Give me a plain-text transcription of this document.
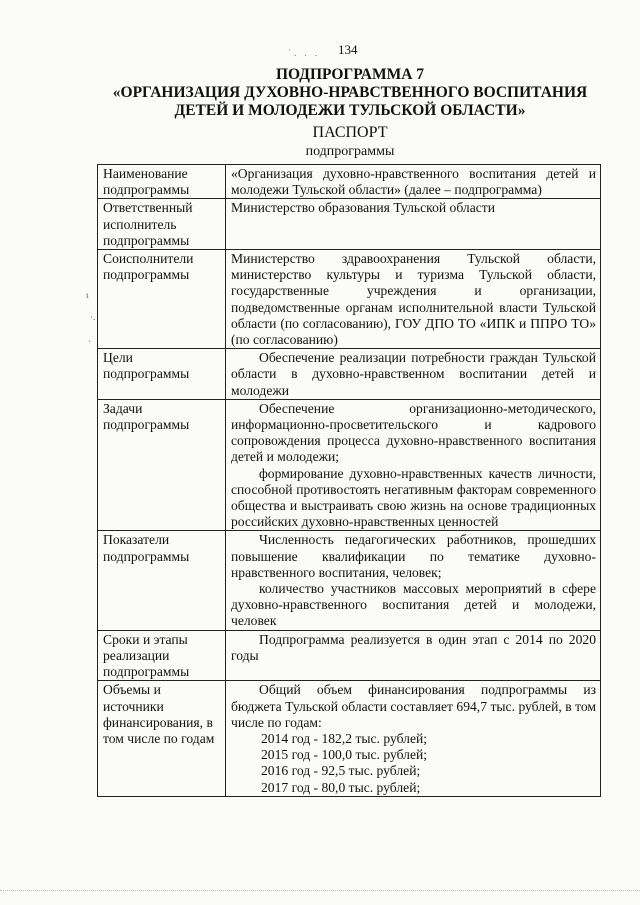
˙. . . 134
ПОДПРОГРАММА 7
«ОРГАНИЗАЦИЯ ДУХОВНО-НРАВСТВЕННОГО ВОСПИТАНИЯ
ДЕТЕЙ И МОЛОДЕЖИ ТУЛЬСКОЙ ОБЛАСТИ»
ПАСПОРТ
подпрограммы
ι
·.
ˎ
Наименование подпрограммы	«Организация духовно-нравственного воспитания детей и молодежи Тульской области» (далее – подпрограмма)

Ответственный исполнитель подпрограммы	Министерство образования Тульской области

Соисполнители подпрограммы	Министерство здравоохранения Тульской области, министерство культуры и туризма Тульской области, государственные учреждения и организации, подведомственные органам исполнительной власти Тульской области (по согласованию), ГОУ ДПО ТО «ИПК и ППРО ТО» (по согласованию)

Цели подпрограммы	Обеспечение реализации потребности граждан Тульской области в духовно-нравственном воспитании детей и молодежи

Задачи подпрограммы	Обеспечение организационно-методического, информационно-просветительского и кадрового сопровождения процесса духовно-нравственного воспитания детей и молодежи;
формирование духовно-нравственных качеств личности, способной противостоять негативным факторам современного общества и выстраивать свою жизнь на основе традиционных российских духовно-нравственных ценностей

Показатели подпрограммы	Численность педагогических работников, прошедших повышение квалификации по тематике духовно-нравственного воспитания, человек;
количество участников массовых мероприятий в сфере духовно-нравственного воспитания детей и молодежи, человек

Сроки и этапы реализации подпрограммы	Подпрограмма реализуется в один этап с 2014 по 2020 годы

Объемы и источники финансирования, в том числе по годам	Общий объем финансирования подпрограммы из бюджета Тульской области составляет 694,7 тыс. рублей, в том числе по годам:
2014 год - 182,2 тыс. рублей;
2015 год - 100,0 тыс. рублей;
2016 год - 92,5 тыс. рублей;
2017 год - 80,0 тыс. рублей;
